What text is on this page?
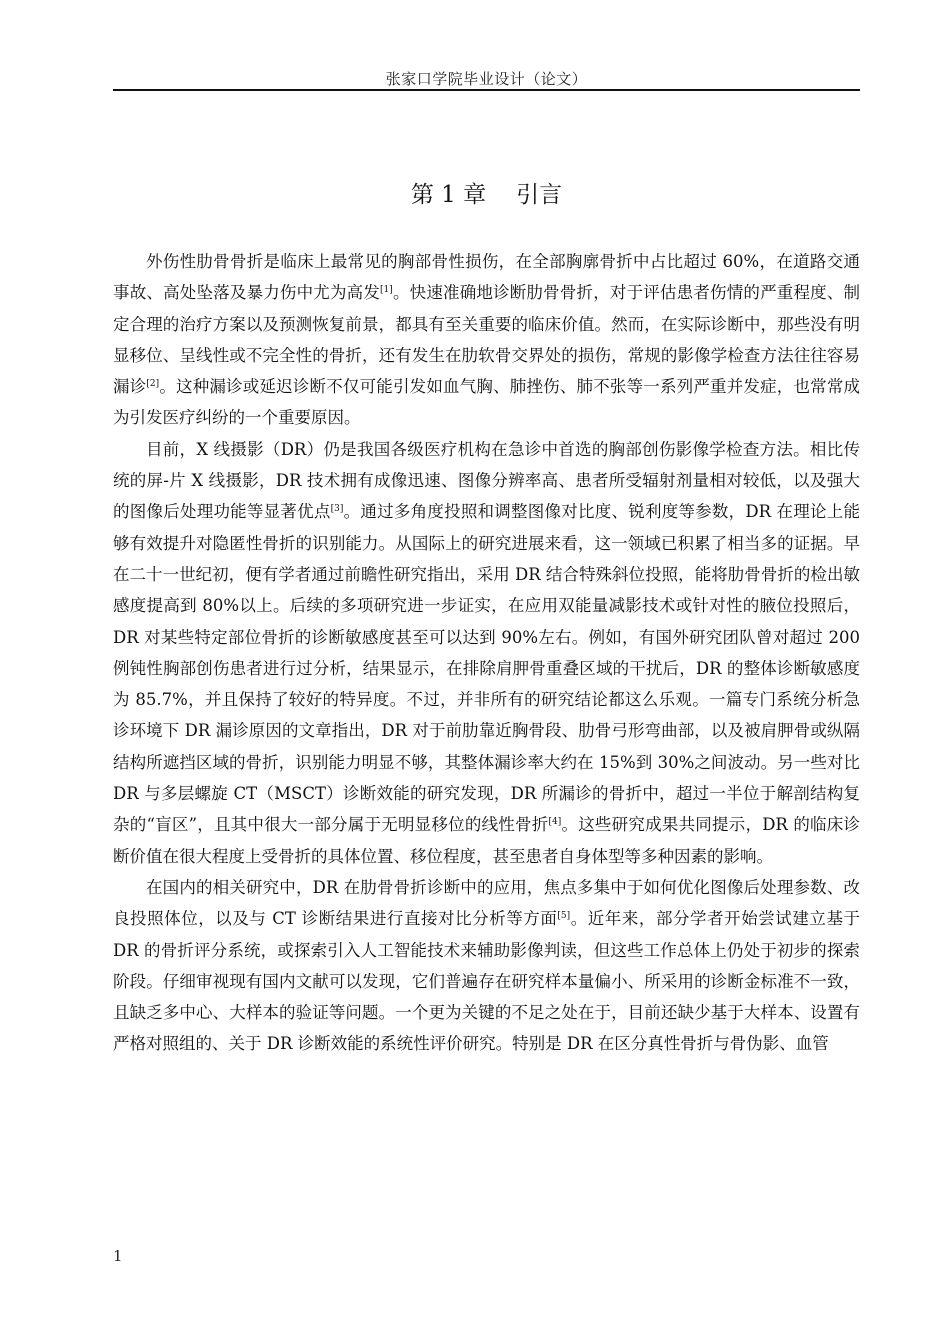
张家口学院毕业设计（论文）
第 1 章 引言

外伤性肋骨骨折是临床上最常见的胸部骨性损伤，在全部胸廓骨折中占比超过 60%，在道路交通事故、高处坠落及暴力伤中尤为高发[1]。快速准确地诊断肋骨骨折，对于评估患者伤情的严重程度、制定合理的治疗方案以及预测恢复前景，都具有至关重要的临床价值。然而，在实际诊断中，那些没有明显移位、呈线性或不完全性的骨折，还有发生在肋软骨交界处的损伤，常规的影像学检查方法往往容易漏诊[2]。这种漏诊或延迟诊断不仅可能引发如血气胸、肺挫伤、肺不张等一系列严重并发症，也常常成为引发医疗纠纷的一个重要原因。

目前，X 线摄影（DR）仍是我国各级医疗机构在急诊中首选的胸部创伤影像学检查方法。相比传统的屏-片 X 线摄影，DR 技术拥有成像迅速、图像分辨率高、患者所受辐射剂量相对较低，以及强大的图像后处理功能等显著优点[3]。通过多角度投照和调整图像对比度、锐利度等参数，DR 在理论上能够有效提升对隐匿性骨折的识别能力。从国际上的研究进展来看，这一领域已积累了相当多的证据。早在二十一世纪初，便有学者通过前瞻性研究指出，采用 DR 结合特殊斜位投照，能将肋骨骨折的检出敏感度提高到 80%以上。后续的多项研究进一步证实，在应用双能量减影技术或针对性的腋位投照后，DR 对某些特定部位骨折的诊断敏感度甚至可以达到 90%左右。例如，有国外研究团队曾对超过 200 例钝性胸部创伤患者进行过分析，结果显示，在排除肩胛骨重叠区域的干扰后，DR 的整体诊断敏感度为 85.7%，并且保持了较好的特异度。不过，并非所有的研究结论都这么乐观。一篇专门系统分析急诊环境下 DR 漏诊原因的文章指出，DR 对于前肋靠近胸骨段、肋骨弓形弯曲部，以及被肩胛骨或纵隔结构所遮挡区域的骨折，识别能力明显不够，其整体漏诊率大约在 15%到 30%之间波动。另一些对比 DR 与多层螺旋 CT（MSCT）诊断效能的研究发现，DR 所漏诊的骨折中，超过一半位于解剖结构复杂的“盲区”，且其中很大一部分属于无明显移位的线性骨折[4]。这些研究成果共同提示，DR 的临床诊断价值在很大程度上受骨折的具体位置、移位程度，甚至患者自身体型等多种因素的影响。

在国内的相关研究中，DR 在肋骨骨折诊断中的应用，焦点多集中于如何优化图像后处理参数、改良投照体位，以及与 CT 诊断结果进行直接对比分析等方面[5]。近年来，部分学者开始尝试建立基于 DR 的骨折评分系统，或探索引入人工智能技术来辅助影像判读，但这些工作总体上仍处于初步的探索阶段。仔细审视现有国内文献可以发现，它们普遍存在研究样本量偏小、所采用的诊断金标准不一致，且缺乏多中心、大样本的验证等问题。一个更为关键的不足之处在于，目前还缺少基于大样本、设置有严格对照组的、关于 DR 诊断效能的系统性评价研究。特别是 DR 在区分真性骨折与骨伪影、血管

1
